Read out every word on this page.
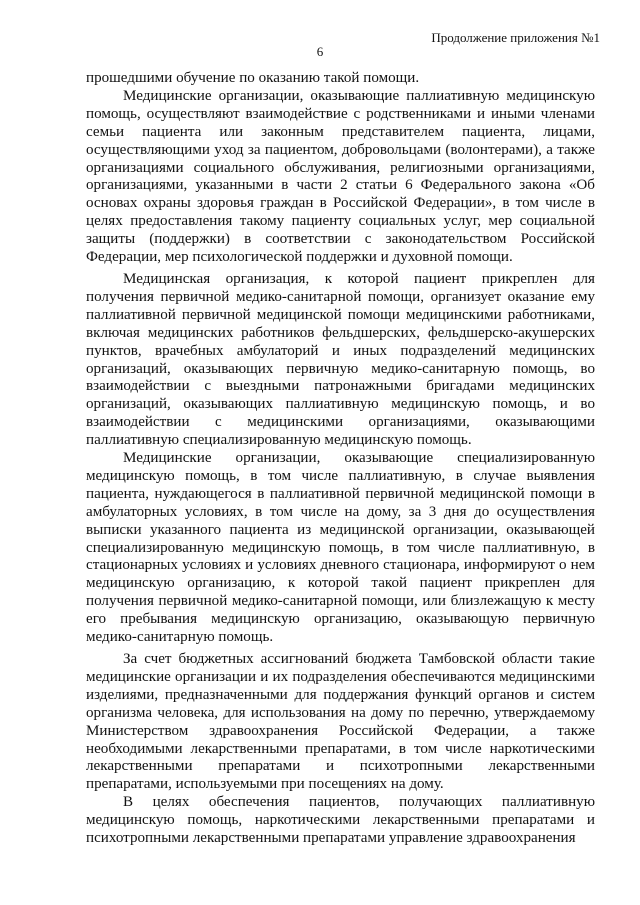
Продолжение приложения №1
6

прошедшими обучение по оказанию такой помощи.

Медицинские организации, оказывающие паллиативную медицинскую помощь, осуществляют взаимодействие с родственниками и иными членами семьи пациента или законным представителем пациента, лицами, осуществляющими уход за пациентом, добровольцами (волонтерами), а также организациями социального обслуживания, религиозными организациями, организациями, указанными в части 2 статьи 6 Федерального закона «Об основах охраны здоровья граждан в Российской Федерации», в том числе в целях предоставления такому пациенту социальных услуг, мер социальной защиты (поддержки) в соответствии с законодательством Российской Федерации, мер психологической поддержки и духовной помощи.

Медицинская организация, к которой пациент прикреплен для получения первичной медико-санитарной помощи, организует оказание ему паллиативной первичной медицинской помощи медицинскими работниками, включая медицинских работников фельдшерских, фельдшерско-акушерских пунктов, врачебных амбулаторий и иных подразделений медицинских организаций, оказывающих первичную медико-санитарную помощь, во взаимодействии с выездными патронажными бригадами медицинских организаций, оказывающих паллиативную медицинскую помощь, и во взаимодействии с медицинскими организациями, оказывающими паллиативную специализированную медицинскую помощь.

Медицинские организации, оказывающие специализированную медицинскую помощь, в том числе паллиативную, в случае выявления пациента, нуждающегося в паллиативной первичной медицинской помощи в амбулаторных условиях, в том числе на дому, за 3 дня до осуществления выписки указанного пациента из медицинской организации, оказывающей специализированную медицинскую помощь, в том числе паллиативную, в стационарных условиях и условиях дневного стационара, информируют о нем медицинскую организацию, к которой такой пациент прикреплен для получения первичной медико-санитарной помощи, или близлежащую к месту его пребывания медицинскую организацию, оказывающую первичную медико-санитарную помощь.

За счет бюджетных ассигнований бюджета Тамбовской области такие медицинские организации и их подразделения обеспечиваются медицинскими изделиями, предназначенными для поддержания функций органов и систем организма человека, для использования на дому по перечню, утверждаемому Министерством здравоохранения Российской Федерации, а также необходимыми лекарственными препаратами, в том числе наркотическими лекарственными препаратами и психотропными лекарственными препаратами, используемыми при посещениях на дому.

В целях обеспечения пациентов, получающих паллиативную медицинскую помощь, наркотическими лекарственными препаратами и психотропными лекарственными препаратами управление здравоохранения
